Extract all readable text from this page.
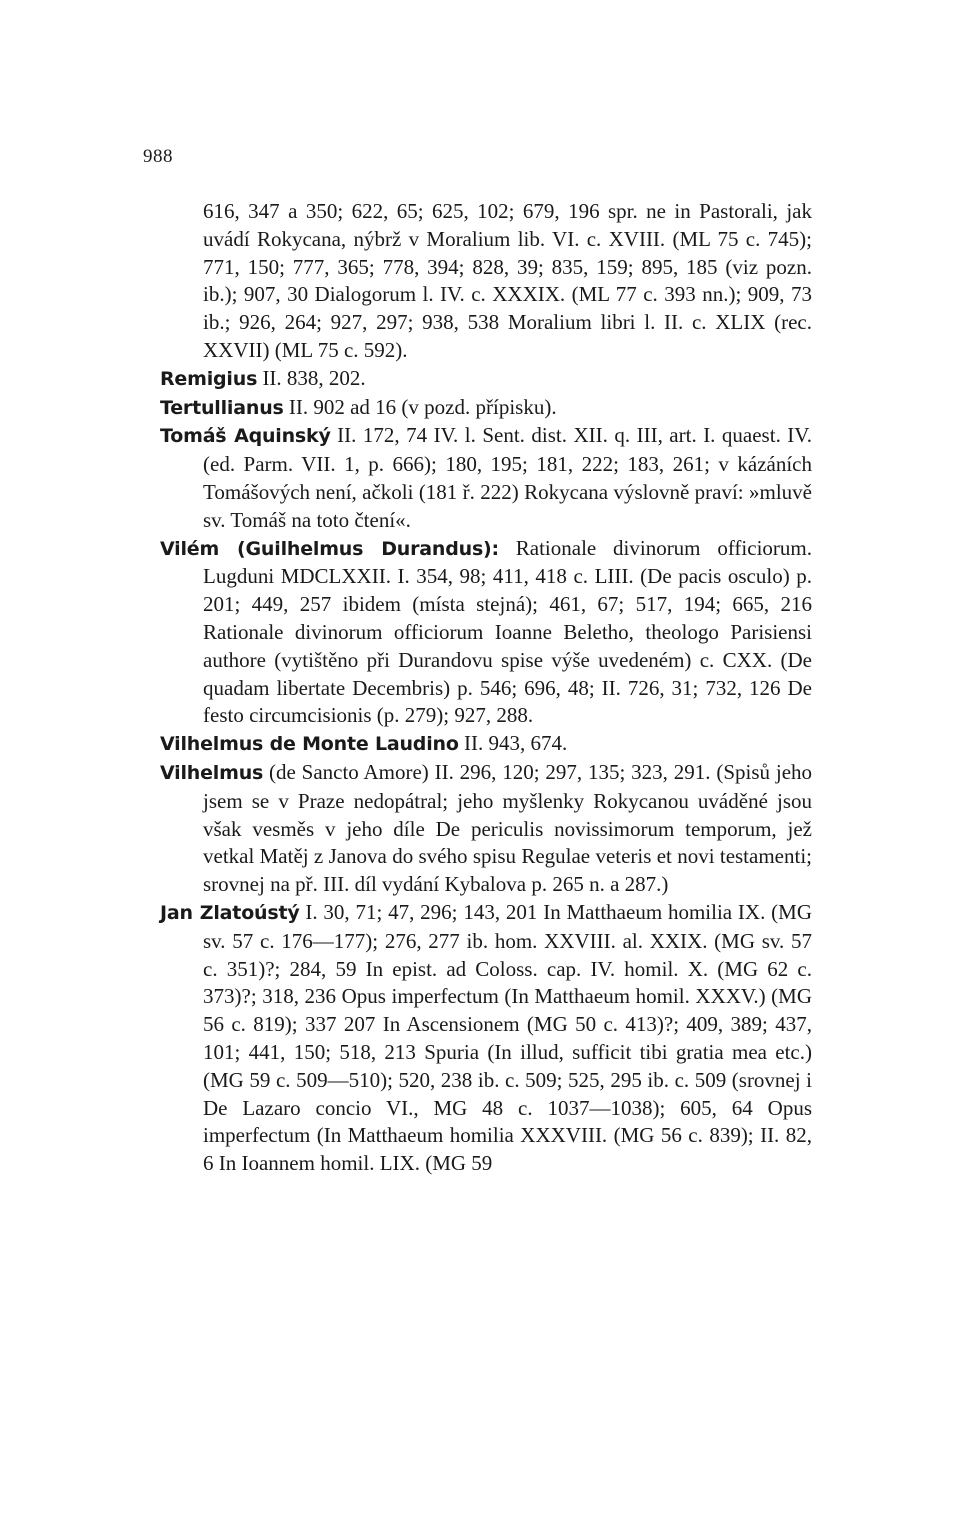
988

616, 347 a 350; 622, 65; 625, 102; 679, 196 spr. ne in Pastorali, jak uvádí Rokycana, nýbrž v Moralium lib. VI. c. XVIII. (ML 75 c. 745); 771, 150; 777, 365; 778, 394; 828, 39; 835, 159; 895, 185 (viz pozn. ib.); 907, 30 Dialogorum l. IV. c. XXXIX. (ML 77 c. 393 nn.); 909, 73 ib.; 926, 264; 927, 297; 938, 538 Moralium libri l. II. c. XLIX (rec. XXVII) (ML 75 c. 592).

Remigius II. 838, 202.

Tertullianus II. 902 ad 16 (v pozd. přípisku).

Tomáš Aquinský II. 172, 74 IV. l. Sent. dist. XII. q. III, art. I. quaest. IV. (ed. Parm. VII. 1, p. 666); 180, 195; 181, 222; 183, 261; v kázáních Tomášových není, ačkoli (181 ř. 222) Rokycana výslovně praví: »mluvě sv. Tomáš na toto čtení«.

Vilém (Guilhelmus Durandus): Rationale divinorum officiorum. Lugduni MDCLXXII. I. 354, 98; 411, 418 c. LIII. (De pacis osculo) p. 201; 449, 257 ibidem (místa stejná); 461, 67; 517, 194; 665, 216 Rationale divinorum officiorum Ioanne Beletho, theologo Parisiensi authore (vytištěno při Durandovu spise výše uvedeném) c. CXX. (De quadam libertate Decembris) p. 546; 696, 48; II. 726, 31; 732, 126 De festo circumcisionis (p. 279); 927, 288.

Vilhelmus de Monte Laudino II. 943, 674.

Vilhelmus (de Sancto Amore) II. 296, 120; 297, 135; 323, 291. (Spisů jeho jsem se v Praze nedopátral; jeho myšlenky Rokycanou uváděné jsou však vesměs v jeho díle De periculis novissimorum temporum, jež vetkal Matěj z Janova do svého spisu Regulae veteris et novi testamenti; srovnej na př. III. díl vydání Kybalova p. 265 n. a 287.)

Jan Zlatoústý I. 30, 71; 47, 296; 143, 201 In Matthaeum homilia IX. (MG sv. 57 c. 176—177); 276, 277 ib. hom. XXVIII. al. XXIX. (MG sv. 57 c. 351)?; 284, 59 In epist. ad Coloss. cap. IV. homil. X. (MG 62 c. 373)?; 318, 236 Opus imperfectum (In Matthaeum homil. XXXV.) (MG 56 c. 819); 337 207 In Ascensionem (MG 50 c. 413)?; 409, 389; 437, 101; 441, 150; 518, 213 Spuria (In illud, sufficit tibi gratia mea etc.) (MG 59 c. 509—510); 520, 238 ib. c. 509; 525, 295 ib. c. 509 (srovnej i De Lazaro concio VI., MG 48 c. 1037—1038); 605, 64 Opus imperfectum (In Matthaeum homilia XXXVIII. (MG 56 c. 839); II. 82, 6 In Ioannem homil. LIX. (MG 59
